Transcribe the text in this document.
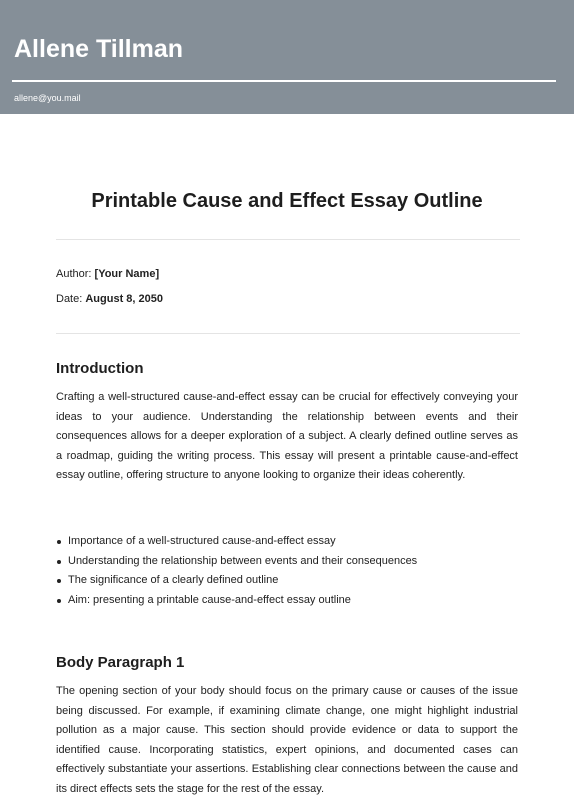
Allene Tillman
allene@you.mail
Printable Cause and Effect Essay Outline
Author: [Your Name]
Date: August 8, 2050
Introduction

Crafting a well-structured cause-and-effect essay can be crucial for effectively conveying your ideas to your audience. Understanding the relationship between events and their consequences allows for a deeper exploration of a subject. A clearly defined outline serves as a roadmap, guiding the writing process. This essay will present a printable cause-and-effect essay outline, offering structure to anyone looking to organize their ideas coherently.

Importance of a well-structured cause-and-effect essay
Understanding the relationship between events and their consequences
The significance of a clearly defined outline
Aim: presenting a printable cause-and-effect essay outline
Body Paragraph 1

The opening section of your body should focus on the primary cause or causes of the issue being discussed. For example, if examining climate change, one might highlight industrial pollution as a major cause. This section should provide evidence or data to support the identified cause. Incorporating statistics, expert opinions, and documented cases can effectively substantiate your assertions. Establishing clear connections between the cause and its direct effects sets the stage for the rest of the essay.
